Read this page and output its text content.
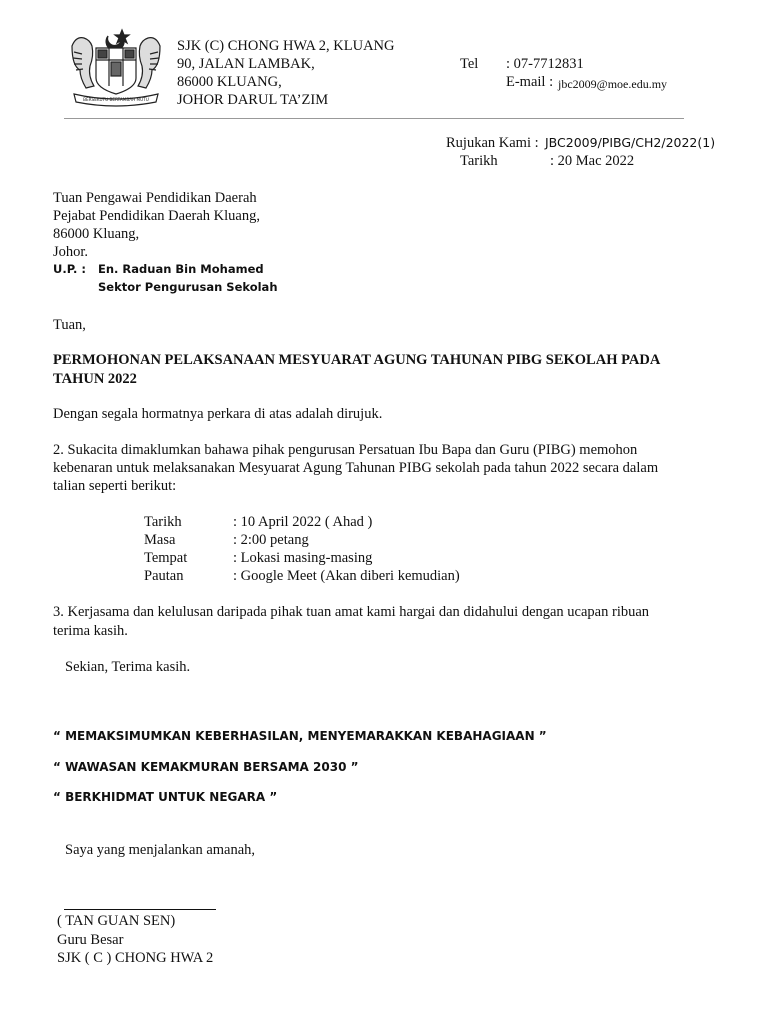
BERSEKUTU BERTAMBAH MUTU
SJK (C) CHONG HWA 2, KLUANG
90, JALAN LAMBAK,
86000 KLUANG,
JOHOR DARUL TA’ZIM
Tel : 07-7712831
E-mail : jbc2009@moe.edu.my
Rujukan Kami : JBC2009/PIBG/CH2/2022(1)
Tarikh	: 20 Mac 2022
Tuan Pengawai Pendidikan Daerah
Pejabat Pendidikan Daerah Kluang,
86000 Kluang,
Johor.
U.P. : En. Raduan Bin Mohamed
Sektor Pengurusan Sekolah
Tuan,
PERMOHONAN PELAKSANAAN MESYUARAT AGUNG TAHUNAN PIBG SEKOLAH PADA
TAHUN 2022
Dengan segala hormatnya perkara di atas adalah dirujuk.
2. Sukacita dimaklumkan bahawa pihak pengurusan Persatuan Ibu Bapa dan Guru (PIBG) memohon
kebenaran untuk melaksanakan Mesyuarat Agung Tahunan PIBG sekolah pada tahun 2022 secara dalam
talian seperti berikut:
Tarikh	: 10 April 2022 ( Ahad )
Masa	: 2:00 petang
Tempat	: Lokasi masing-masing
Pautan	: Google Meet (Akan diberi kemudian)
3. Kerjasama dan kelulusan daripada pihak tuan amat kami hargai dan didahului dengan ucapan ribuan
terima kasih.
Sekian, Terima kasih.
“ MEMAKSIMUMKAN KEBERHASILAN, MENYEMARAKKAN KEBAHAGIAAN ”
“ WAWASAN KEMAKMURAN BERSAMA 2030 ”
“ BERKHIDMAT UNTUK NEGARA ”
Saya yang menjalankan amanah,
( TAN GUAN SEN)
Guru Besar
SJK ( C ) CHONG HWA 2
